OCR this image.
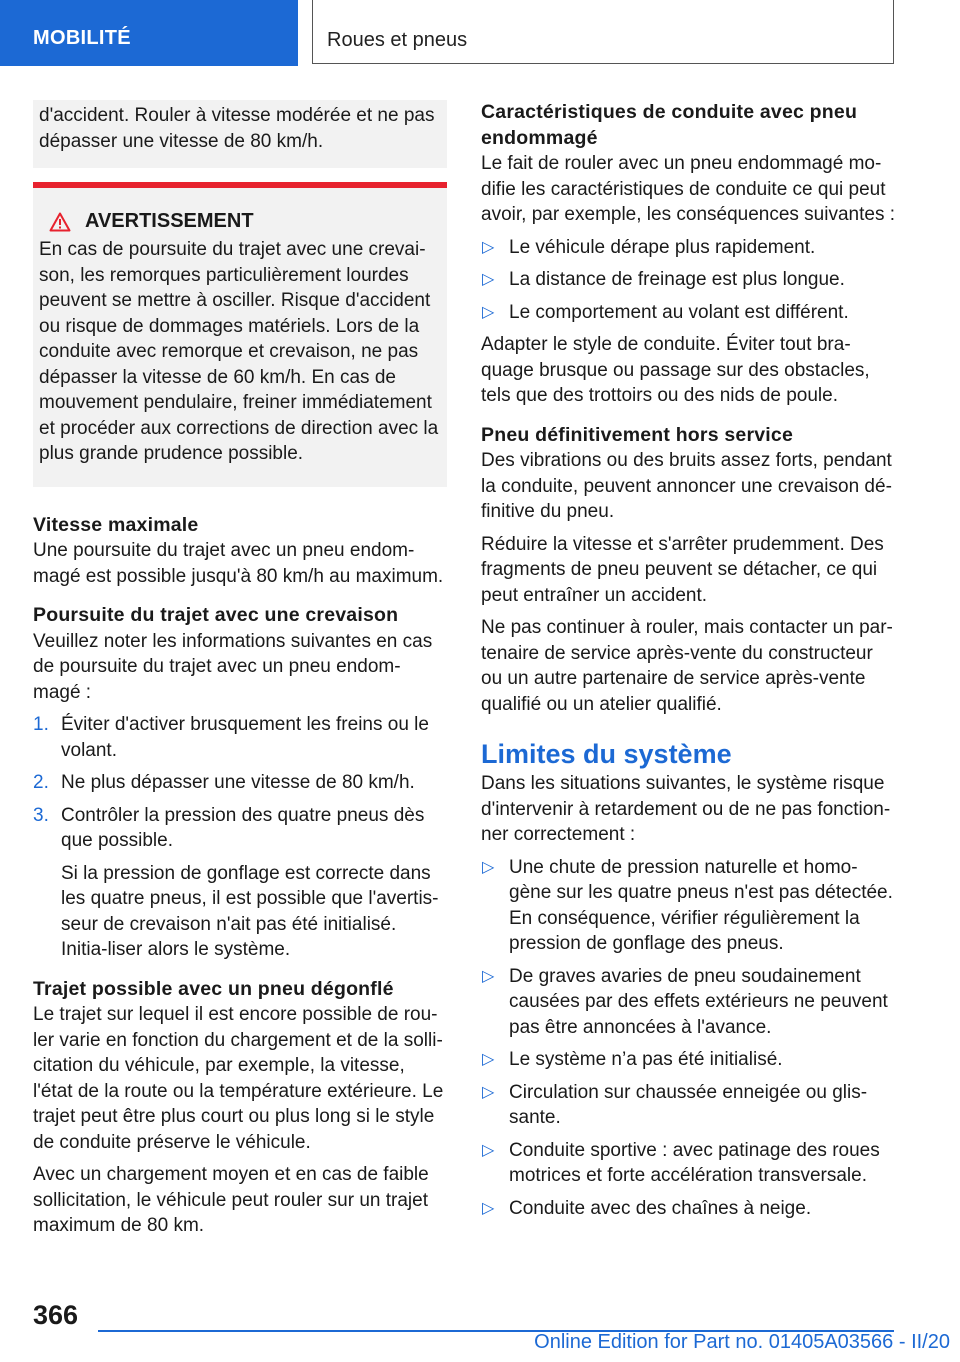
MOBILITÉ	Roues et pneus

d'accident. Rouler à vitesse modérée et ne pas dépasser une vitesse de 80 km/h.

AVERTISSEMENT

En cas de poursuite du trajet avec une crevai-son, les remorques particulièrement lourdes peuvent se mettre à osciller. Risque d'accident ou risque de dommages matériels. Lors de la conduite avec remorque et crevaison, ne pas dépasser la vitesse de 60 km/h. En cas de mouvement pendulaire, freiner immédiatement et procéder aux corrections de direction avec la plus grande prudence possible.

Vitesse maximale

Une poursuite du trajet avec un pneu endom-magé est possible jusqu'à 80 km/h au maximum.

Poursuite du trajet avec une crevaison

Veuillez noter les informations suivantes en cas de poursuite du trajet avec un pneu endom-magé :

1. Éviter d'activer brusquement les freins ou le volant.
2. Ne plus dépasser une vitesse de 80 km/h.
3. Contrôler la pression des quatre pneus dès que possible.

Si la pression de gonflage est correcte dans les quatre pneus, il est possible que l'avertis-seur de crevaison n'ait pas été initialisé. Initia-liser alors le système.

Trajet possible avec un pneu dégonflé

Le trajet sur lequel il est encore possible de rou-ler varie en fonction du chargement et de la solli-citation du véhicule, par exemple, la vitesse, l'état de la route ou la température extérieure. Le trajet peut être plus court ou plus long si le style de conduite préserve le véhicule.

Avec un chargement moyen et en cas de faible sollicitation, le véhicule peut rouler sur un trajet maximum de 80 km.

Caractéristiques de conduite avec pneu endommagé

Le fait de rouler avec un pneu endommagé mo-difie les caractéristiques de conduite ce qui peut avoir, par exemple, les conséquences suivantes :

▷ Le véhicule dérape plus rapidement.
▷ La distance de freinage est plus longue.
▷ Le comportement au volant est différent.

Adapter le style de conduite. Éviter tout bra-quage brusque ou passage sur des obstacles, tels que des trottoirs ou des nids de poule.

Pneu définitivement hors service

Des vibrations ou des bruits assez forts, pendant la conduite, peuvent annoncer une crevaison dé-finitive du pneu.

Réduire la vitesse et s'arrêter prudemment. Des fragments de pneu peuvent se détacher, ce qui peut entraîner un accident.

Ne pas continuer à rouler, mais contacter un par-tenaire de service après-vente du constructeur ou un autre partenaire de service après-vente qualifié ou un atelier qualifié.

Limites du système

Dans les situations suivantes, le système risque d'intervenir à retardement ou de ne pas fonction-ner correctement :

▷ Une chute de pression naturelle et homo-gène sur les quatre pneus n'est pas détectée. En conséquence, vérifier régulièrement la pression de gonflage des pneus.
▷ De graves avaries de pneu soudainement causées par des effets extérieurs ne peuvent pas être annoncées à l'avance.
▷ Le système n’a pas été initialisé.
▷ Circulation sur chaussée enneigée ou glis-sante.
▷ Conduite sportive : avec patinage des roues motrices et forte accélération transversale.
▷ Conduite avec des chaînes à neige.
366
Online Edition for Part no. 01405A03566 - II/20
